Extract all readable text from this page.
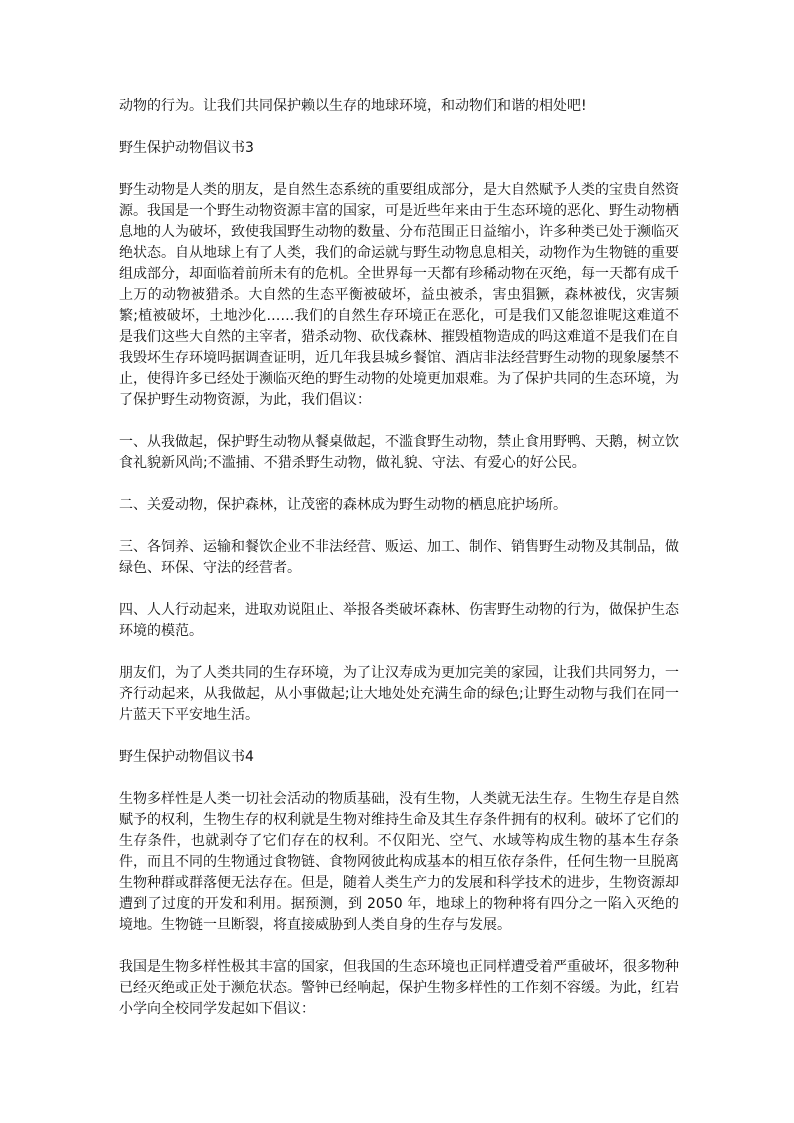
动物的行为。让我们共同保护赖以生存的地球环境，和动物们和谐的相处吧!

野生保护动物倡议书3

野生动物是人类的朋友，是自然生态系统的重要组成部分，是大自然赋予人类的宝贵自然资源。我国是一个野生动物资源丰富的国家，可是近些年来由于生态环境的恶化、野生动物栖息地的人为破坏，致使我国野生动物的数量、分布范围正日益缩小，许多种类已处于濒临灭绝状态。自从地球上有了人类，我们的命运就与野生动物息息相关，动物作为生物链的重要组成部分，却面临着前所未有的危机。全世界每一天都有珍稀动物在灭绝，每一天都有成千上万的动物被猎杀。大自然的生态平衡被破坏，益虫被杀，害虫猖獗，森林被伐，灾害频繁;植被破坏，土地沙化……我们的自然生存环境正在恶化，可是我们又能忽谁呢这难道不是我们这些大自然的主宰者，猎杀动物、砍伐森林、摧毁植物造成的吗这难道不是我们在自我毁坏生存环境吗据调查证明，近几年我县城乡餐馆、酒店非法经营野生动物的现象屡禁不止，使得许多已经处于濒临灭绝的野生动物的处境更加艰难。为了保护共同的生态环境，为了保护野生动物资源，为此，我们倡议：

一、从我做起，保护野生动物从餐桌做起，不滥食野生动物，禁止食用野鸭、天鹅，树立饮食礼貌新风尚;不滥捕、不猎杀野生动物，做礼貌、守法、有爱心的好公民。

二、关爱动物，保护森林，让茂密的森林成为野生动物的栖息庇护场所。

三、各饲养、运输和餐饮企业不非法经营、贩运、加工、制作、销售野生动物及其制品，做绿色、环保、守法的经营者。

四、人人行动起来，进取劝说阻止、举报各类破坏森林、伤害野生动物的行为，做保护生态环境的模范。

朋友们，为了人类共同的生存环境，为了让汉寿成为更加完美的家园，让我们共同努力，一齐行动起来，从我做起，从小事做起;让大地处处充满生命的绿色;让野生动物与我们在同一片蓝天下平安地生活。

野生保护动物倡议书4

生物多样性是人类一切社会活动的物质基础，没有生物，人类就无法生存。生物生存是自然赋予的权利，生物生存的权利就是生物对维持生命及其生存条件拥有的权利。破坏了它们的生存条件，也就剥夺了它们存在的权利。不仅阳光、空气、水域等构成生物的基本生存条件，而且不同的生物通过食物链、食物网彼此构成基本的相互依存条件，任何生物一旦脱离生物种群或群落便无法存在。但是，随着人类生产力的发展和科学技术的进步，生物资源却遭到了过度的开发和利用。据预测，到 2050 年，地球上的物种将有四分之一陷入灭绝的境地。生物链一旦断裂，将直接威胁到人类自身的生存与发展。

我国是生物多样性极其丰富的国家，但我国的生态环境也正同样遭受着严重破坏，很多物种已经灭绝或正处于濒危状态。警钟已经响起，保护生物多样性的工作刻不容缓。为此，红岩小学向全校同学发起如下倡议：
